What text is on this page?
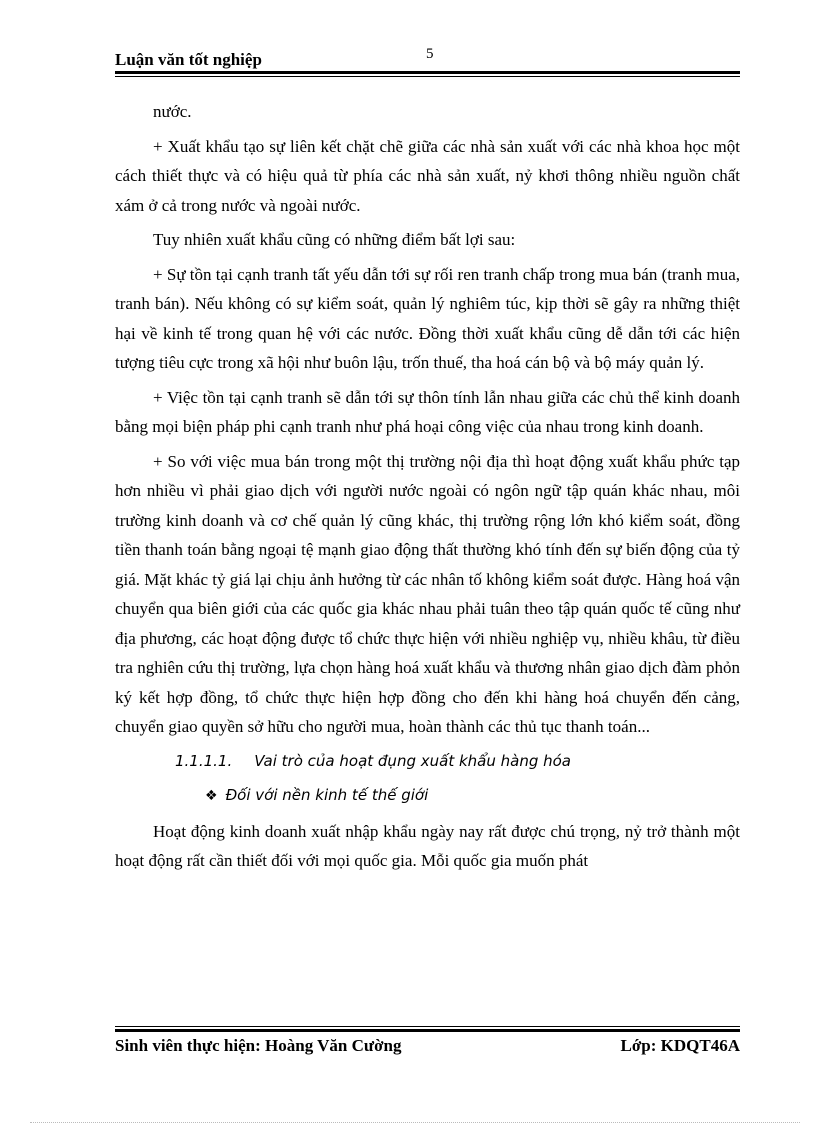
Luận văn tốt nghiệp	5

nước.

+ Xuất khẩu tạo sự liên kết chặt chẽ giữa các nhà sản xuất với các nhà khoa học một cách thiết thực và có hiệu quả từ phía các nhà sản xuất, nỷ khơi thông nhiều nguồn chất xám ở cả trong nước và ngoài nước.

Tuy nhiên xuất khẩu cũng có những điểm bất lợi sau:

+ Sự tồn tại cạnh tranh tất yếu dẫn tới sự rối ren tranh chấp trong mua bán (tranh mua, tranh bán). Nếu không có sự kiểm soát, quản lý nghiêm túc, kịp thời sẽ gây ra những thiệt hại về kinh tế trong quan hệ với các nước. Đồng thời xuất khẩu cũng dễ dẫn tới các hiện tượng tiêu cực trong xã hội như buôn lậu, trốn thuế, tha hoá cán bộ và bộ máy quản lý.

+ Việc tồn tại cạnh tranh sẽ dẫn tới sự thôn tính lẫn nhau giữa các chủ thể kinh doanh bằng mọi biện pháp phi cạnh tranh như phá hoại công việc của nhau trong kinh doanh.

+ So với việc mua bán trong một thị trường nội địa thì hoạt động xuất khẩu phức tạp hơn nhiều vì phải giao dịch với người nước ngoài có ngôn ngữ tập quán khác nhau, môi trường kinh doanh và cơ chế quản lý cũng khác, thị trường rộng lớn khó kiểm soát, đồng tiền thanh toán bằng ngoại tệ mạnh giao động thất thường khó tính đến sự biến động của tỷ giá. Mặt khác tỷ giá lại chịu ảnh hưởng từ các nhân tố không kiểm soát được. Hàng hoá vận chuyển qua biên giới của các quốc gia khác nhau phải tuân theo tập quán quốc tế cũng như địa phương, các hoạt động được tổ chức thực hiện với nhiều nghiệp vụ, nhiều khâu, từ điều tra nghiên cứu thị trường, lựa chọn hàng hoá xuất khẩu và thương nhân giao dịch đàm phỏn ký kết hợp đồng, tổ chức thực hiện hợp đồng cho đến khi hàng hoá chuyển đến cảng, chuyển giao quyền sở hữu cho người mua, hoàn thành các thủ tục thanh toán...

1.1.1.1. Vai trò của hoạt đụng xuất khẩu hàng hóa
❖ Đối với nền kinh tế thế giới

Hoạt động kinh doanh xuất nhập khẩu ngày nay rất được chú trọng, nỷ trở thành một hoạt động rất cần thiết đối với mọi quốc gia. Mỗi quốc gia muốn phát

Sinh viên thực hiện: Hoàng Văn Cường	Lớp: KDQT46A
